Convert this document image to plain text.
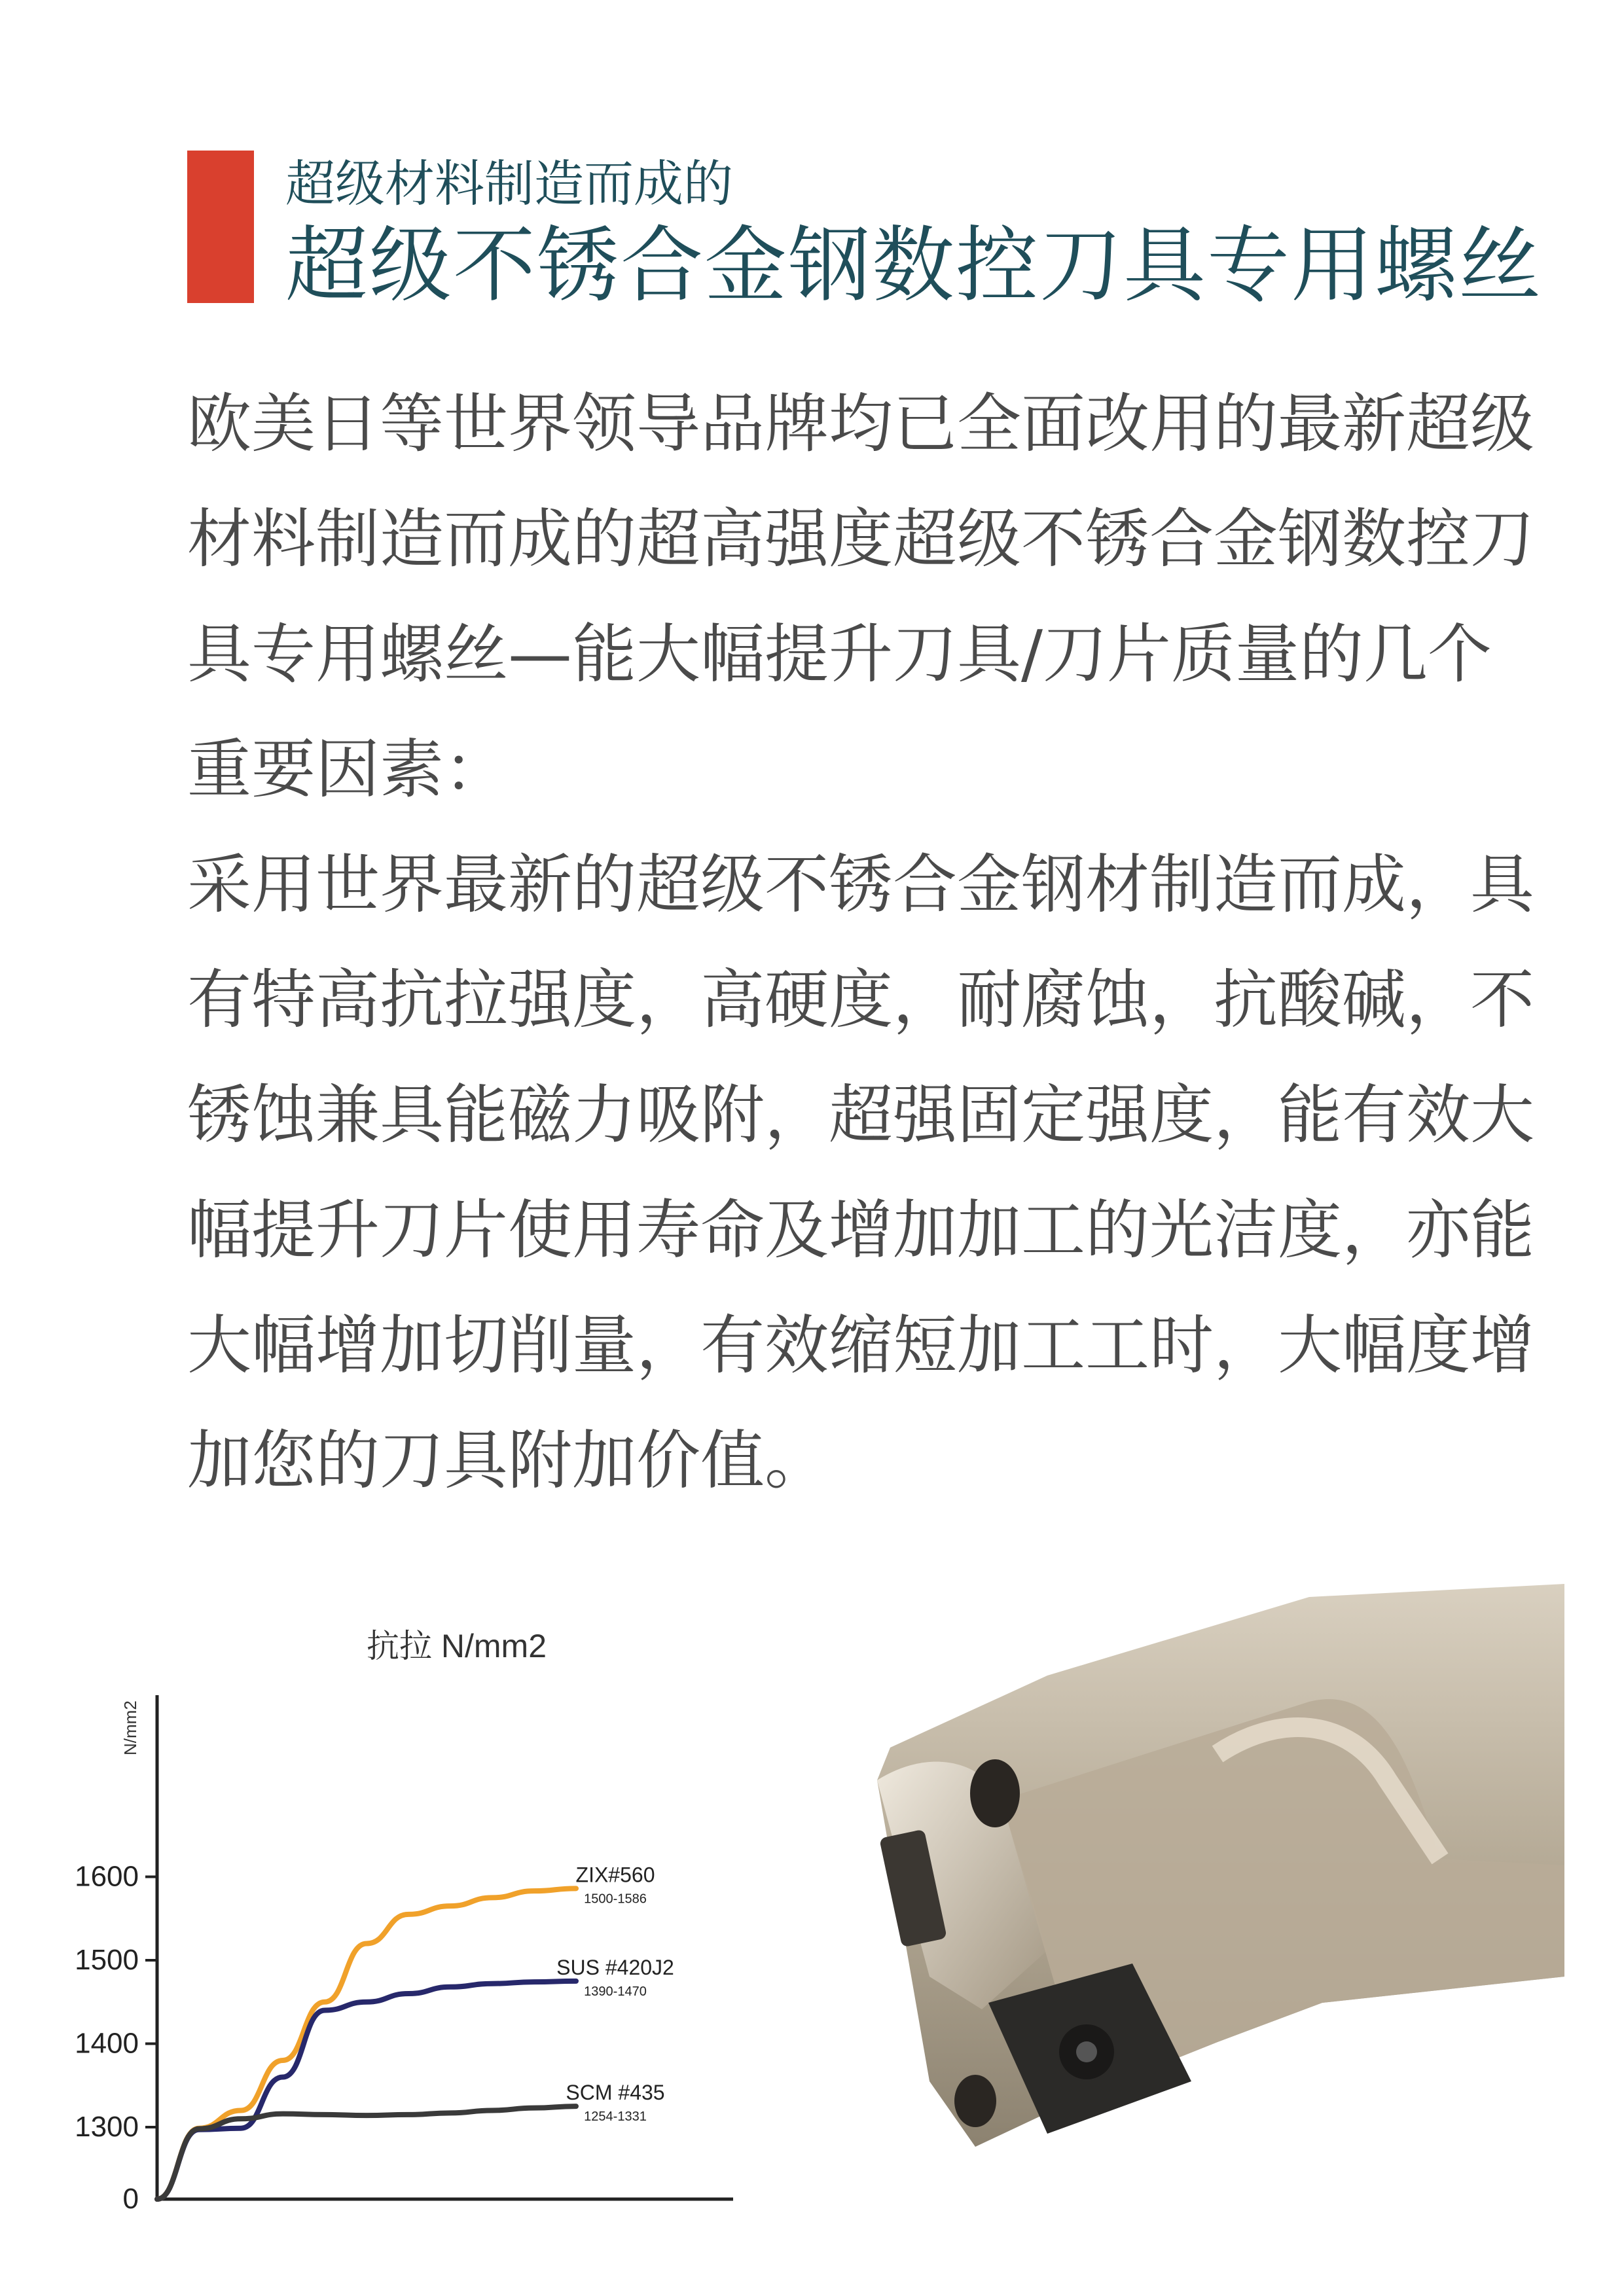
超级材料制造而成的
超级不锈合金钢数控刀具专用螺丝

欧美日等世界领导品牌均已全面改用的最新超级材料制造而成的超高强度超级不锈合金钢数控刀具专用螺丝—能大幅提升刀具/刀片质量的几个重要因素：

采用世界最新的超级不锈合金钢材制造而成，具有特高抗拉强度，高硬度，耐腐蚀，抗酸碱，不锈蚀兼具能磁力吸附，超强固定强度，能有效大幅提升刀片使用寿命及增加加工的光洁度，亦能大幅增加切削量，有效缩短加工工时，大幅度增加您的刀具附加价值。

抗拉 N/mm2
N/mm2
0
1300
1400
1500
1600	ZIX#560
1500-1586
SUS #420J2
1390-1470
SCM #435
1254-1331
